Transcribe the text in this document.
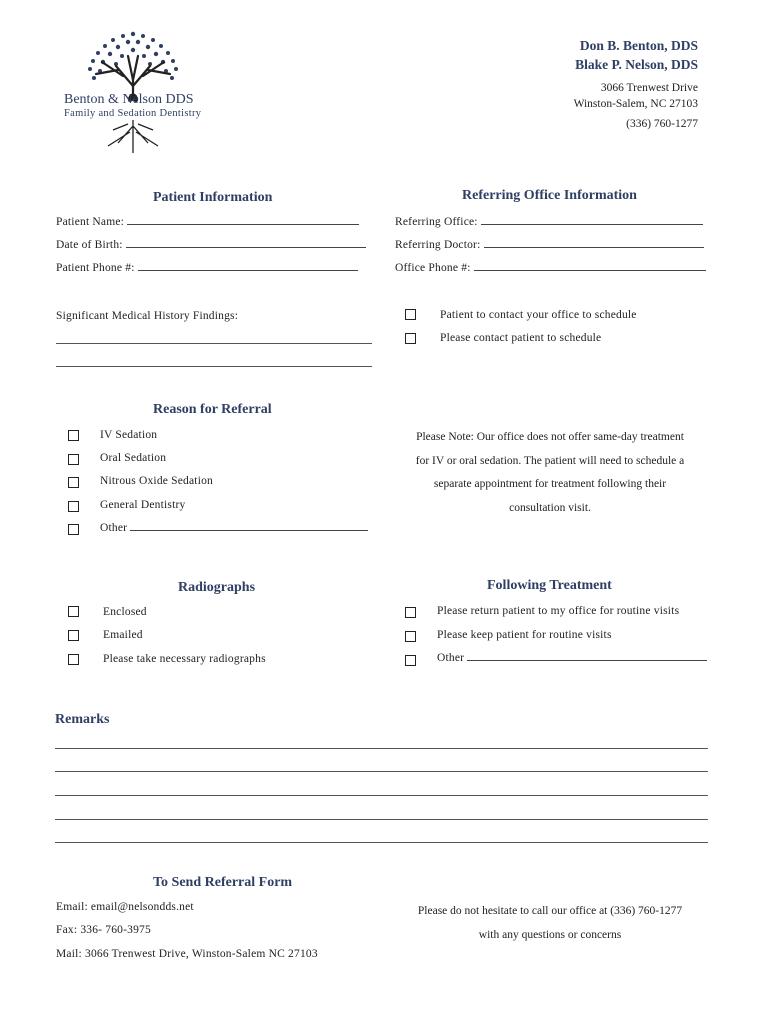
Benton & Nelson DDS
Family and Sedation Dentistry
Don B. Benton, DDS
Blake P. Nelson, DDS
3066 Trenwest Drive
Winston-Salem, NC 27103
(336) 760-1277
Patient Information
Patient Name:
Date of Birth:
Patient Phone #:
Significant Medical History Findings:
Referring Office Information
Referring Office:
Referring Doctor:
Office Phone #:
Patient to contact your office to schedule
Please contact patient to schedule
Reason for Referral
IV Sedation
Oral Sedation
Nitrous Oxide Sedation
General Dentistry
Other
Please Note: Our office does not offer same-day treatment
for IV or oral sedation. The patient will need to schedule a
separate appointment for treatment following their
consultation visit.
Radiographs
Enclosed
Emailed
Please take necessary radiographs
Following Treatment
Please return patient to my office for routine visits
Please keep patient for routine visits
Other
Remarks
To Send Referral Form
Email: email@nelsondds.net
Fax: 336- 760-3975
Mail: 3066 Trenwest Drive, Winston-Salem NC 27103
Please do not hesitate to call our office at (336) 760-1277
with any questions or concerns
